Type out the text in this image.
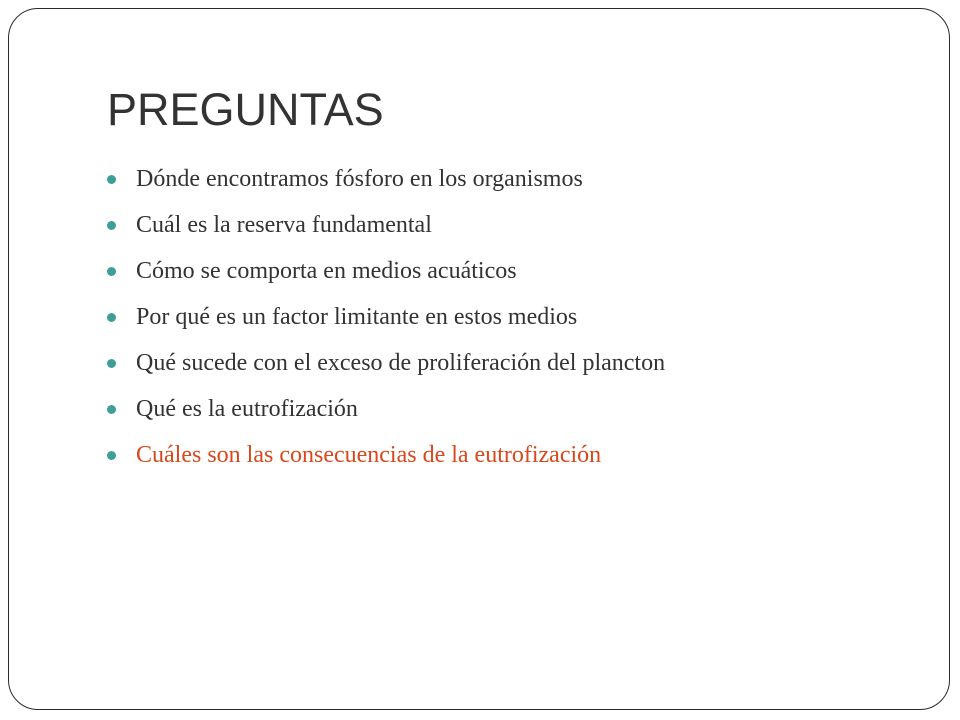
PREGUNTAS
Dónde encontramos fósforo en los organismos
Cuál es la reserva fundamental
Cómo se comporta en medios acuáticos
Por qué es un factor limitante en estos medios
Qué sucede con el exceso de proliferación del plancton
Qué es la eutrofización
Cuáles son las consecuencias de la eutrofización
